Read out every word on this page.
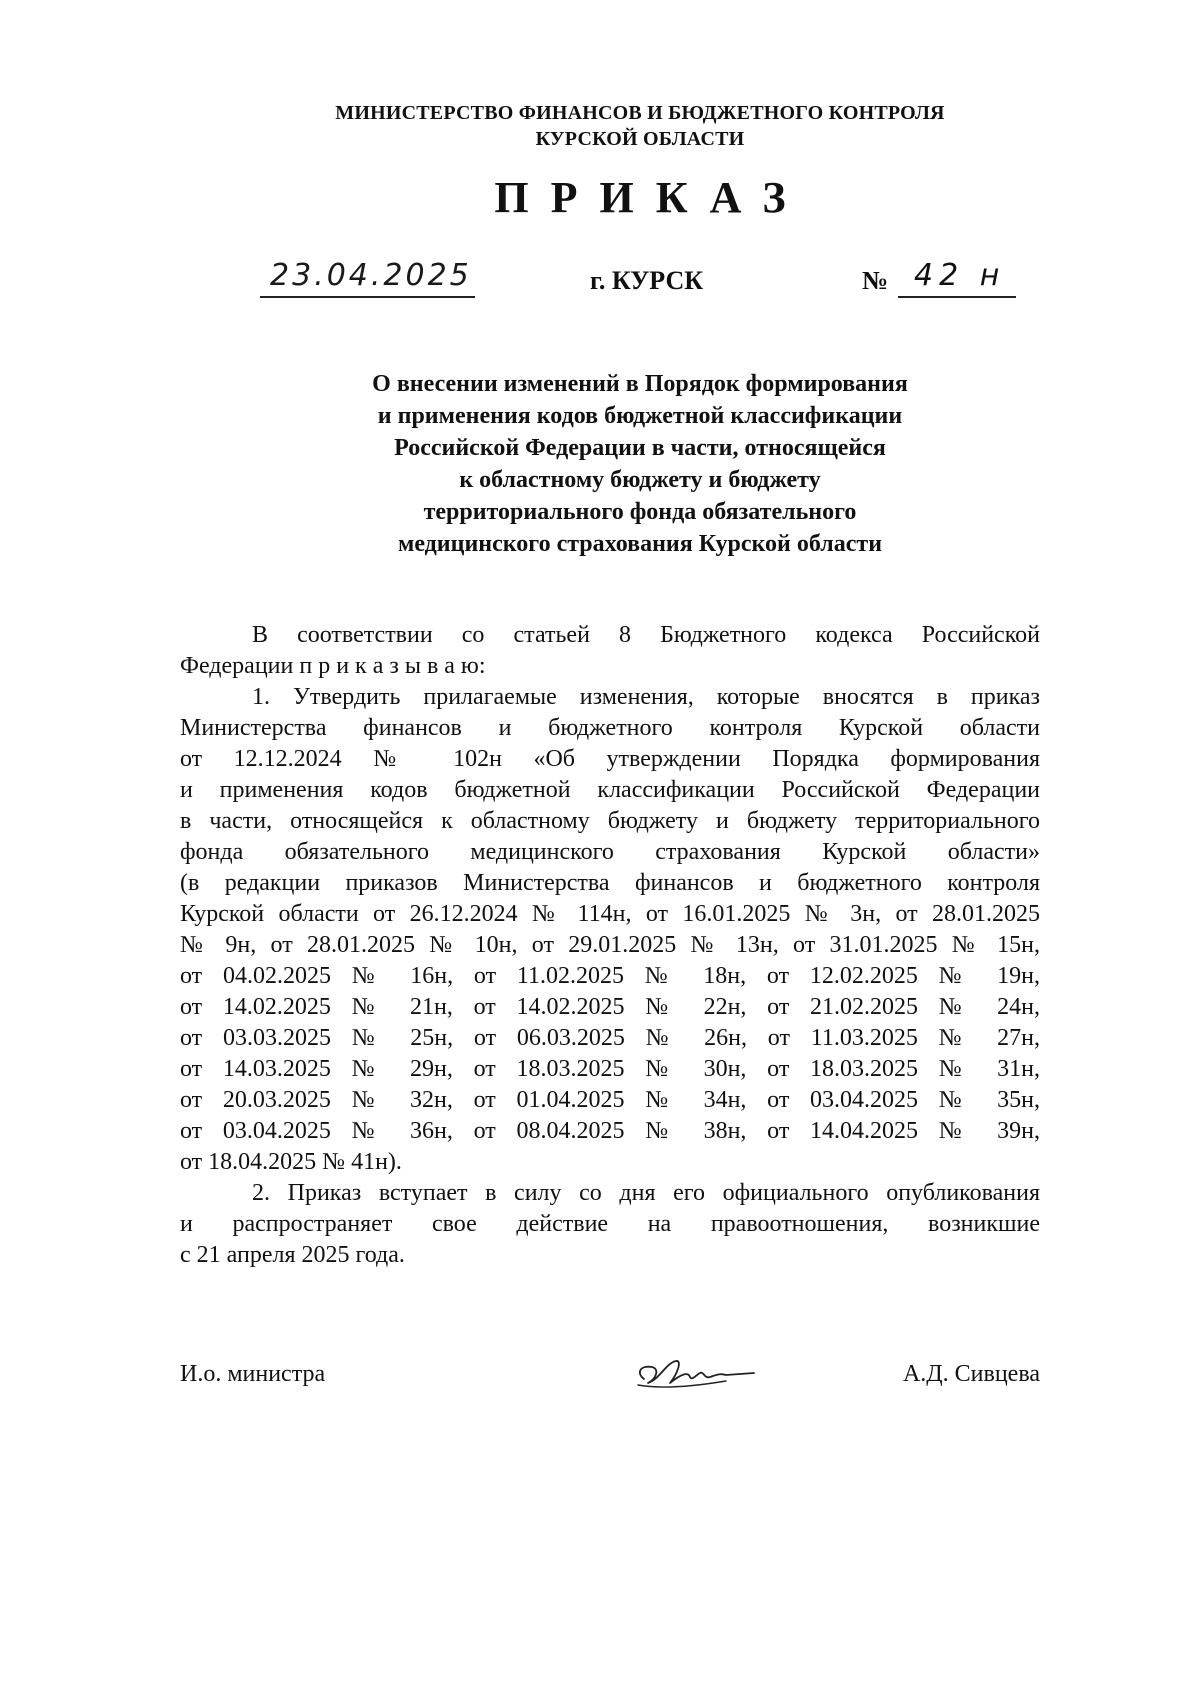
МИНИСТЕРСТВО ФИНАНСОВ И БЮДЖЕТНОГО КОНТРОЛЯ
КУРСКОЙ ОБЛАСТИ
ПРИКАЗ
23.04.2025	г. КУРСК	№ 42 н
О внесении изменений в Порядок формирования
и применения кодов бюджетной классификации
Российской Федерации в части, относящейся
к областному бюджету и бюджету
территориального фонда обязательного
медицинского страхования Курской области
В соответствии со статьей 8 Бюджетного кодекса Российской
Федерации п р и к а з ы в а ю:
1. Утвердить прилагаемые изменения, которые вносятся в приказ
Министерства финансов и бюджетного контроля Курской области
от 12.12.2024 № 102н «Об утверждении Порядка формирования
и применения кодов бюджетной классификации Российской Федерации
в части, относящейся к областному бюджету и бюджету территориального
фонда обязательного медицинского страхования Курской области»
(в редакции приказов Министерства финансов и бюджетного контроля
Курской области от 26.12.2024 № 114н, от 16.01.2025 № 3н, от 28.01.2025
№ 9н, от 28.01.2025 № 10н, от 29.01.2025 № 13н, от 31.01.2025 № 15н,
от 04.02.2025 № 16н, от 11.02.2025 № 18н, от 12.02.2025 № 19н,
от 14.02.2025 № 21н, от 14.02.2025 № 22н, от 21.02.2025 № 24н,
от 03.03.2025 № 25н, от 06.03.2025 № 26н, от 11.03.2025 № 27н,
от 14.03.2025 № 29н, от 18.03.2025 № 30н, от 18.03.2025 № 31н,
от 20.03.2025 № 32н, от 01.04.2025 № 34н, от 03.04.2025 № 35н,
от 03.04.2025 № 36н, от 08.04.2025 № 38н, от 14.04.2025 № 39н,
от 18.04.2025 № 41н).
2. Приказ вступает в силу со дня его официального опубликования
и распространяет свое действие на правоотношения, возникшие
с 21 апреля 2025 года.
И.о. министра	А.Д. Сивцева
